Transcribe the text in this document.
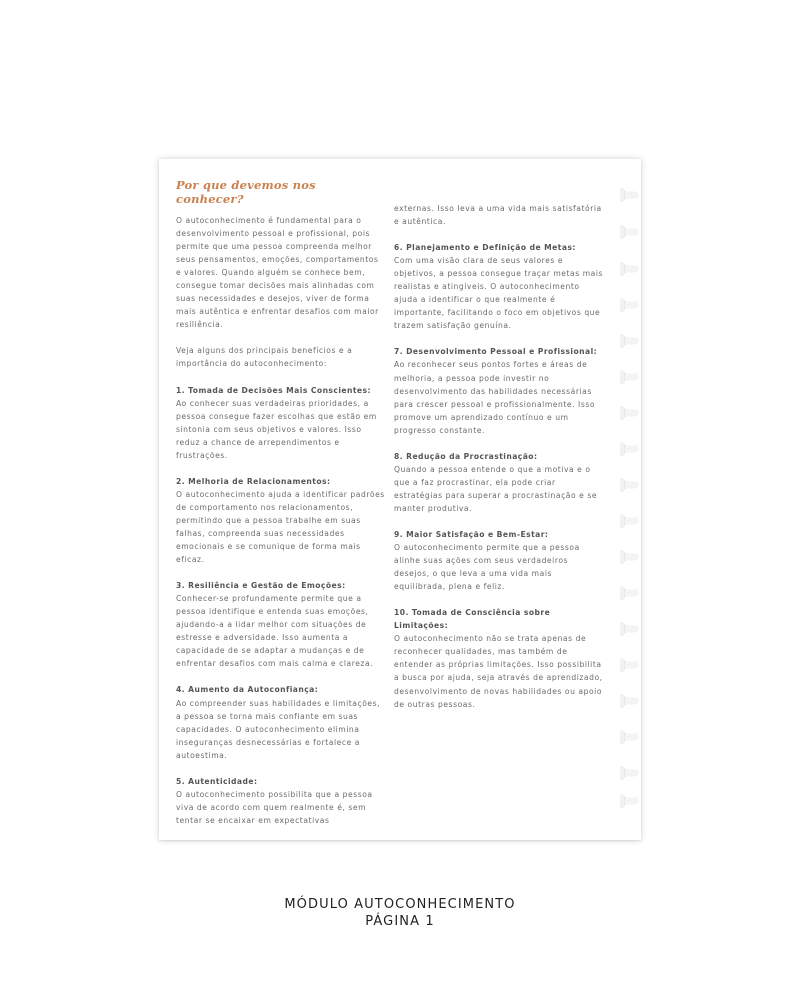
Por que devemos nos conhecer?

O autoconhecimento é fundamental para o desenvolvimento pessoal e profissional, pois permite que uma pessoa compreenda melhor seus pensamentos, emoções, comportamentos e valores. Quando alguém se conhece bem, consegue tomar decisões mais alinhadas com suas necessidades e desejos, viver de forma mais autêntica e enfrentar desafios com maior resiliência.

Veja alguns dos principais benefícios e a importância do autoconhecimento:

1. Tomada de Decisões Mais Conscientes:
Ao conhecer suas verdadeiras prioridades, a pessoa consegue fazer escolhas que estão em sintonia com seus objetivos e valores. Isso reduz a chance de arrependimentos e frustrações.
2. Melhoria de Relacionamentos:
O autoconhecimento ajuda a identificar padrões de comportamento nos relacionamentos, permitindo que a pessoa trabalhe em suas falhas, compreenda suas necessidades emocionais e se comunique de forma mais eficaz.
3. Resiliência e Gestão de Emoções:
Conhecer-se profundamente permite que a pessoa identifique e entenda suas emoções, ajudando-a a lidar melhor com situações de estresse e adversidade. Isso aumenta a capacidade de se adaptar a mudanças e de enfrentar desafios com mais calma e clareza.
4. Aumento da Autoconfiança:
Ao compreender suas habilidades e limitações, a pessoa se torna mais confiante em suas capacidades. O autoconhecimento elimina inseguranças desnecessárias e fortalece a autoestima.
5. Autenticidade:
O autoconhecimento possibilita que a pessoa viva de acordo com quem realmente é, sem tentar se encaixar em expectativas

externas. Isso leva a uma vida mais satisfatória e autêntica.

6. Planejamento e Definição de Metas:
Com uma visão clara de seus valores e objetivos, a pessoa consegue traçar metas mais realistas e atingíveis. O autoconhecimento ajuda a identificar o que realmente é importante, facilitando o foco em objetivos que trazem satisfação genuína.
7. Desenvolvimento Pessoal e Profissional:
Ao reconhecer seus pontos fortes e áreas de melhoria, a pessoa pode investir no desenvolvimento das habilidades necessárias para crescer pessoal e profissionalmente. Isso promove um aprendizado contínuo e um progresso constante.
8. Redução da Procrastinação:
Quando a pessoa entende o que a motiva e o que a faz procrastinar, ela pode criar estratégias para superar a procrastinação e se manter produtiva.
9. Maior Satisfação e Bem-Estar:
O autoconhecimento permite que a pessoa alinhe suas ações com seus verdadeiros desejos, o que leva a uma vida mais equilibrada, plena e feliz.
10. Tomada de Consciência sobre Limitações:
O autoconhecimento não se trata apenas de reconhecer qualidades, mas também de entender as próprias limitações. Isso possibilita a busca por ajuda, seja através de aprendizado, desenvolvimento de novas habilidades ou apoio de outras pessoas.
MÓDULO AUTOCONHECIMENTO
PÁGINA 1
